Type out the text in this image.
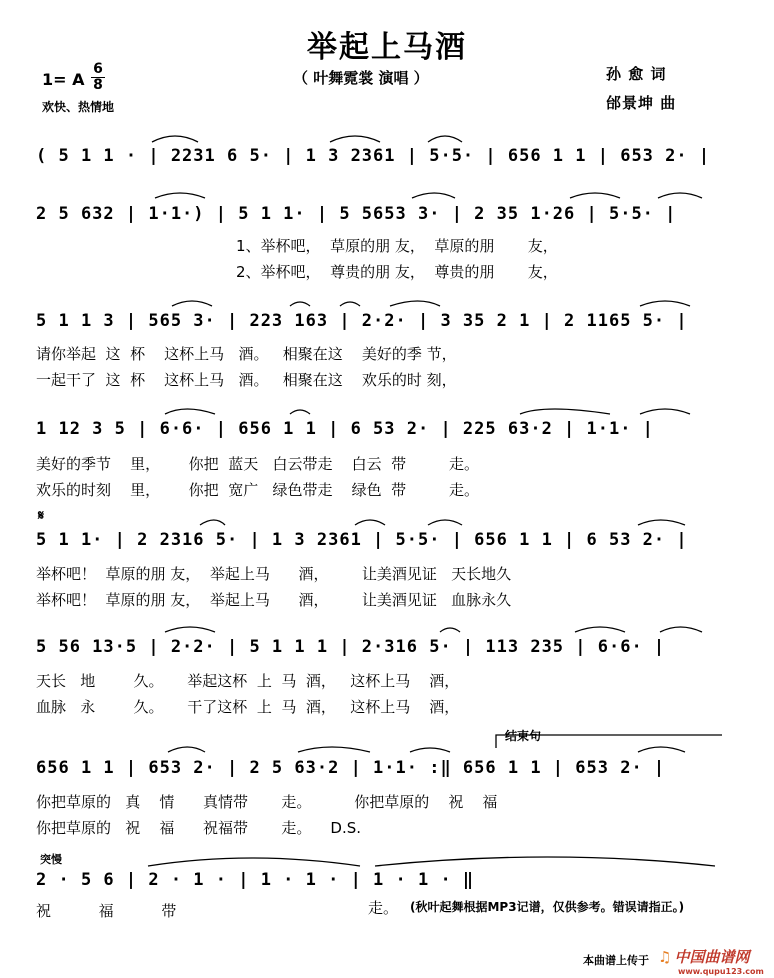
举起上马酒
（ 叶舞霓裳 演唱 ）
1= A
6
8
欢快、热情地
孙 愈 词
邰景坤 曲
( 5 1 1 · | 2231 6 5· | 1 3 2361 | 5·5· | 656 1 1 | 653 2· |
2 5 632 | 1·1·) | 5 1 1· | 5 5653 3· | 2 35 1·26 | 5·5· |
1、举杯吧，  草原的朋 友，  草原的朋       友，
2、举杯吧，  尊贵的朋 友，  尊贵的朋       友，
5 1 1 3 | 565 3· | 223 163 | 2·2· | 3 35 2 1 | 2 1165 5· |
请你举起  这  杯    这杯上马   酒。   相聚在这    美好的季 节，
一起干了  这  杯    这杯上马   酒。   相聚在这    欢乐的时 刻，
1 12 3 5 | 6·6· | 656 1 1 | 6 53 2· | 225 63·2 | 1·1· |
美好的季节    里，      你把  蓝天   白云带走    白云  带         走。
欢乐的时刻    里，      你把  宽广   绿色带走    绿色  带         走。
𝄋
5 1 1· | 2 2316 5· | 1 3 2361 | 5·5· | 656 1 1 | 6 53 2· |
举杯吧！  草原的朋 友，  举起上马      酒，       让美酒见证   天长地久
举杯吧！  草原的朋 友，  举起上马      酒，       让美酒见证   血脉永久
5 56 13·5 | 2·2· | 5 1 1 1 | 2·316 5· | 113 235 | 6·6· |
天长   地        久。     举起这杯  上  马  酒，   这杯上马    酒，
血脉   永        久。     干了这杯  上  马  酒，   这杯上马    酒，
结束句
656 1 1 | 653 2· | 2 5 63·2 | 1·1· :‖ 656 1 1 | 653 2· |
你把草原的   真    情      真情带       走。         你把草原的    祝    福
你把草原的   祝    福      祝福带       走。    D.S.
突慢
2 · 5 6 | 2 · 1 · | 1 · 1 · | 1 · 1 · ‖
祝          福          带	走。 (秋叶起舞根据MP3记谱，仅供参考。错误请指正。)
本曲谱上传于 ♫ 中国曲谱网
www.qupu123.com
